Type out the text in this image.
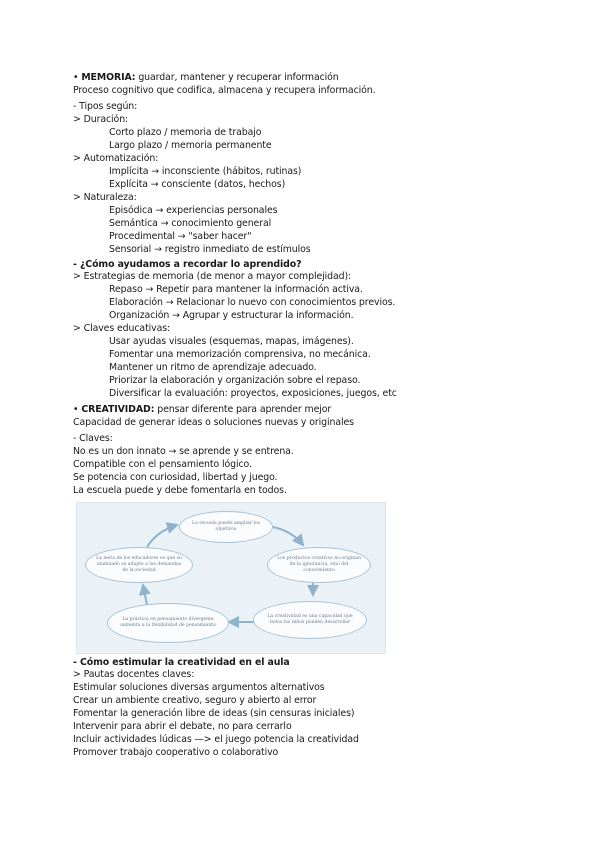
• MEMORIA: guardar, mantener y recuperar información
Proceso cognitivo que codifica, almacena y recupera información.
- Tipos según:
> Duración:
Corto plazo / memoria de trabajo
Largo plazo / memoria permanente
> Automatización:
Implícita → inconsciente (hábitos, rutinas)
Explícita → consciente (datos, hechos)
> Naturaleza:
Episódica → experiencias personales
Semántica → conocimiento general
Procedimental → "saber hacer"
Sensorial → registro inmediato de estímulos
- ¿Cómo ayudamos a recordar lo aprendido?
> Estrategias de memoria (de menor a mayor complejidad):
Repaso → Repetir para mantener la información activa.
Elaboración → Relacionar lo nuevo con conocimientos previos.
Organización → Agrupar y estructurar la información.
> Claves educativas:
Usar ayudas visuales (esquemas, mapas, imágenes).
Fomentar una memorización comprensiva, no mecánica.
Mantener un ritmo de aprendizaje adecuado.
Priorizar la elaboración y organización sobre el repaso.
Diversificar la evaluación: proyectos, exposiciones, juegos, etc
• CREATIVIDAD: pensar diferente para aprender mejor
Capacidad de generar ideas o soluciones nuevas y originales
- Claves:
No es un don innato → se aprende y se entrena.
Compatible con el pensamiento lógico.
Se potencia con curiosidad, libertad y juego.
La escuela puede y debe fomentarla en todos.
La escuela puede ampliar los objetivos
Los productos creativos no originan de la ignorancia, sino del conocimiento
La creatividad es una capacidad que todos los niños pueden desarrollar
La práctica en pensamiento divergente aumenta a la flexibilidad de pensamiento
La meta de los educadores es que su alumnado se adapte a las demandas de la sociedad
- Cómo estimular la creatividad en el aula
> Pautas docentes claves:
Estimular soluciones diversas argumentos alternativos
Crear un ambiente creativo, seguro y abierto al error
Fomentar la generación libre de ideas (sin censuras iniciales)
Intervenir para abrir el debate, no para cerrarlo
Incluir actividades lúdicas —> el juego potencia la creatividad
Promover trabajo cooperativo o colaborativo
